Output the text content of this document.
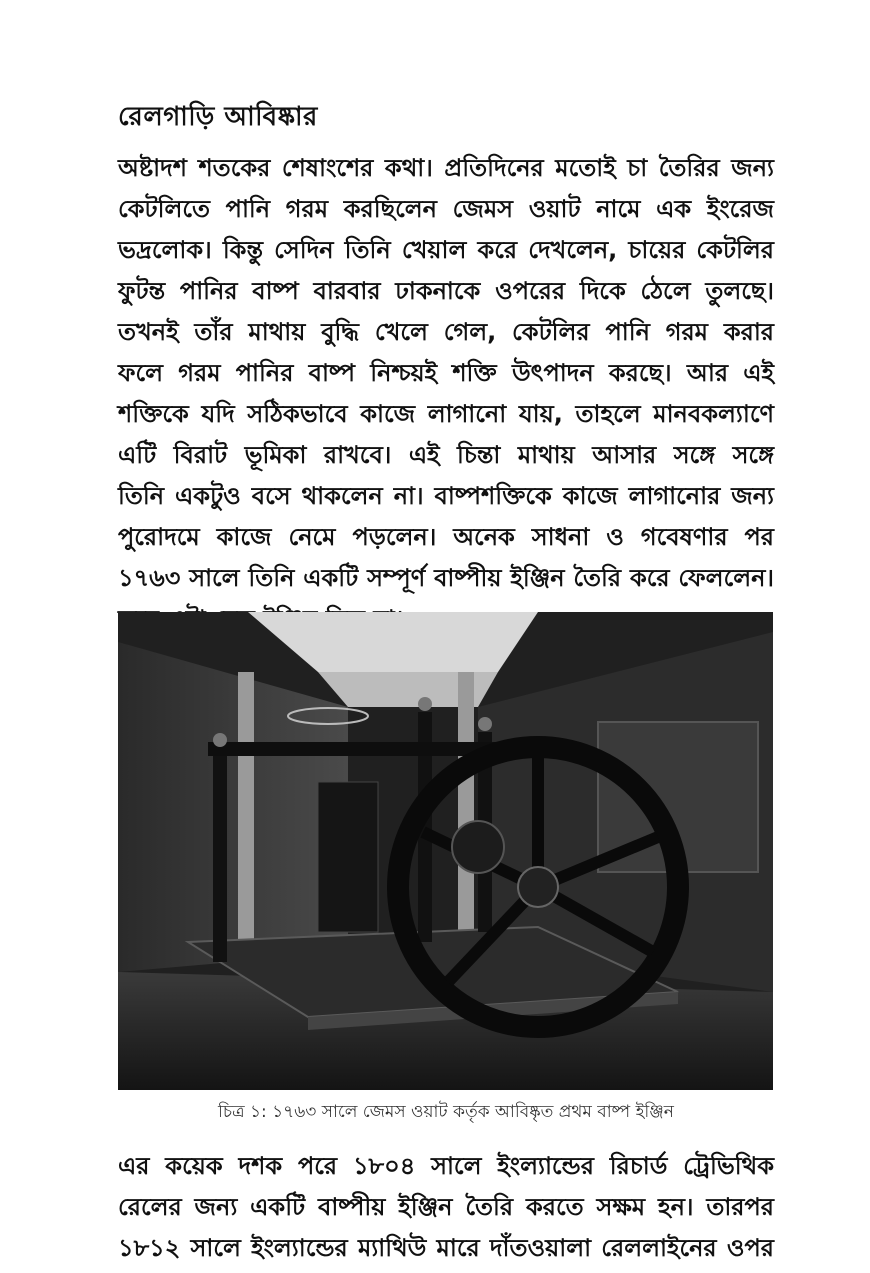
রেলগাড়ি আবিষ্কার
অষ্টাদশ শতকের শেষাংশের কথা। প্রতিদিনের মতোই চা তৈরির জন্য
কেটলিতে পানি গরম করছিলেন জেমস ওয়াট নামে এক ইংরেজ
ভদ্রলোক। কিন্তু সেদিন তিনি খেয়াল করে দেখলেন, চায়ের কেটলির
ফুটন্ত পানির বাষ্প বারবার ঢাকনাকে ওপরের দিকে ঠেলে তুলছে।
তখনই তাঁর মাথায় বুদ্ধি খেলে গেল, কেটলির পানি গরম করার
ফলে গরম পানির বাষ্প নিশ্চয়ই শক্তি উৎপাদন করছে। আর এই
শক্তিকে যদি সঠিকভাবে কাজে লাগানো যায়, তাহলে মানবকল্যাণে
এটি বিরাট ভূমিকা রাখবে। এই চিন্তা মাথায় আসার সঙ্গে সঙ্গে
তিনি একটুও বসে থাকলেন না। বাষ্পশক্তিকে কাজে লাগানোর জন্য
পুরোদমে কাজে নেমে পড়লেন। অনেক সাধনা ও গবেষণার পর
১৭৬৩ সালে তিনি একটি সম্পূর্ণ বাষ্পীয় ইঞ্জিন তৈরি করে ফেললেন।
চিত্র ১: ১৭৬৩ সালে জেমস ওয়াট কর্তৃক আবিষ্কৃত প্রথম বাষ্প ইঞ্জিন
এর কয়েক দশক পরে ১৮০৪ সালে ইংল্যান্ডের রিচার্ড ট্রেভিথিক
রেলের জন্য একটি বাষ্পীয় ইঞ্জিন তৈরি করতে সক্ষম হন। তারপর
১৮১২ সালে ইংল্যান্ডের ম্যাথিউ মারে দাঁতওয়ালা রেললাইনের ওপর
